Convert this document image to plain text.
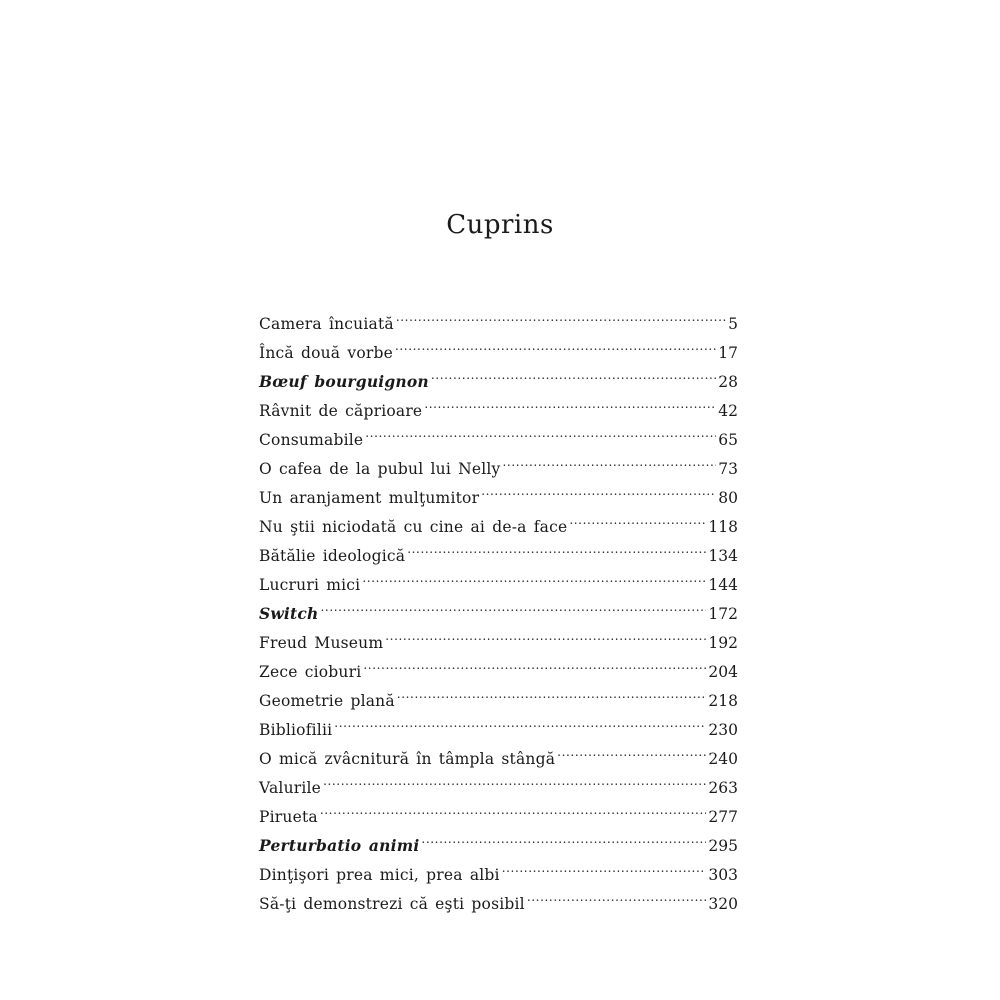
Cuprins
Camera încuiată .....	5
Încă două vorbe .....	17
Bœuf bourguignon .....	28
Râvnit de căprioare .....	42
Consumabile .....	65
O cafea de la pubul lui Nelly .....	73
Un aranjament mulţumitor .....	80
Nu ştii niciodată cu cine ai de-a face .....	118
Bătălie ideologică .....	134
Lucruri mici .....	144
Switch .....	172
Freud Museum .....	192
Zece cioburi .....	204
Geometrie plană .....	218
Bibliofilii .....	230
O mică zvâcnitură în tâmpla stângă .....	240
Valurile .....	263
Pirueta .....	277
Perturbatio animi .....	295
Dinţişori prea mici, prea albi .....	303
Să-ţi demonstrezi că eşti posibil .....	320
